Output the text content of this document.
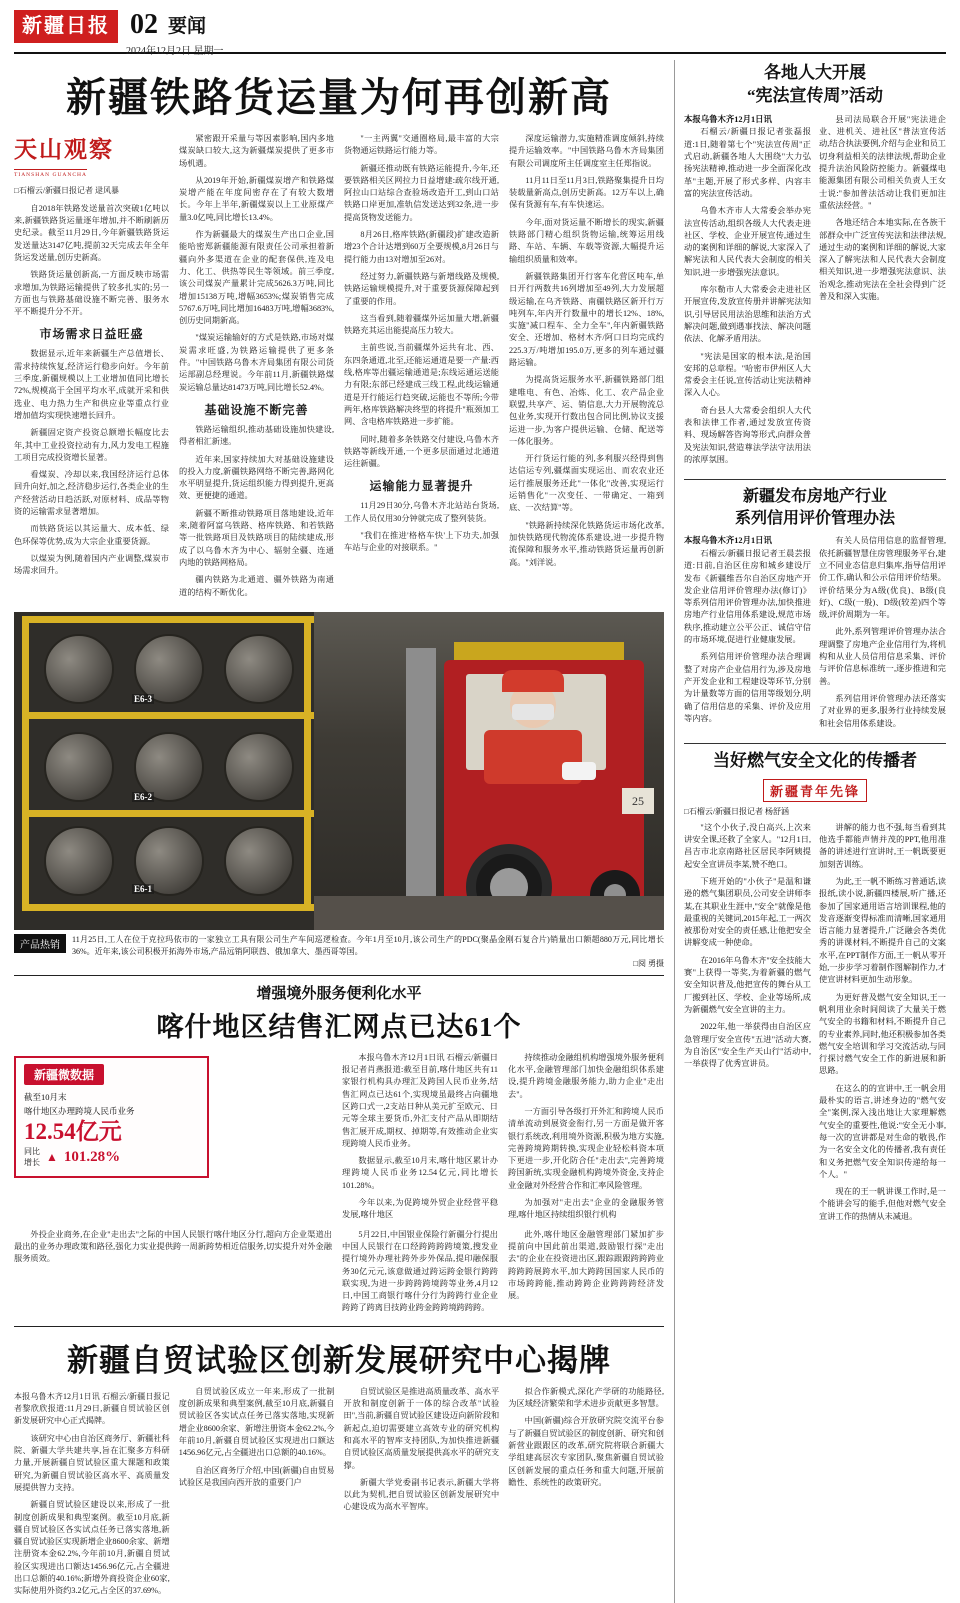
新疆日报 02 要闻
2024年12月2日 星期一
新疆铁路货运量为何再创新高
天山观察
TIANSHAN GUANCHA
□石榴云/新疆日报记者 逯风暴

自2018年铁路发送量首次突破1亿吨以来,新疆铁路货运量逐年增加,并不断刷新历史纪录。截至11月29日,今年新疆铁路货运发送量达3147亿吨,提前32天完成去年全年货运发送量,创历史新高。

铁路货运量创新高,一方面反映市场需求增加,为铁路运输提供了较多扎实的;另一方面也与铁路基础设施不断完善、服务水平不断提升分不开。

市场需求日益旺盛

数据显示,近年来新疆生产总值增长、需求持续恢复,经济运行稳步向好。今年前三季度,新疆规模以上工业增加值同比增长72%,规模高于全国平均水平,成就开采和供选业、电力热力生产和供应业等重点行业增加值均实现快速增长回升。

新疆固定资产投资总额增长幅度比去年,其中工业投资拉动有力,风力发电工程施工项目完成投资增长显著。

看煤炭、冷却以来,我国经济运行总体回升向好,加之,经济稳步运行,各类企业的生产经营活动日趋活跃,对原材料、成品等物资的运输需求显著增加。

而铁路货运以其运量大、成本低、绿色环保等优势,成为大宗企业重要货源。

以煤炭为例,随着国内产业调整,煤炭市场需求回升。

紧密跟开采量与等因素影响,国内多地煤炭缺口较大,这为新疆煤炭提供了更多市场机遇。

从2019年开始,新疆煤炭增产和铁路煤炭增产能在年度间密存在了有较大数增长。今年上半年,新疆煤炭以上工业原煤产量3.0亿吨,同比增长13.4%。

作为新疆最大的煤炭生产出口企业,国能哈密郑新疆能源有限责任公司承担着新疆向外多渠道在企业的配套保供,连及电力、化工、供热等民生等领域。前三季度,该公司煤炭产量累计完成5626.3万吨,同比增加15138万吨,增幅3653%;煤炭销售完成5767.6万吨,同比增加16483万吨,增幅3683%,创历史同期新高。

"煤炭运输输好的方式是铁路,市场对煤炭需求旺盛,为铁路运输提供了更多条件。"中国铁路乌鲁木齐局集团有限公司货运部副总经理说。今年前11月,新疆铁路煤炭运输总量达81473万吨,同比增长52.4%。

基础设施不断完善

铁路运输组织,推动基础设施加快建设,得者相汇新速。

近年来,国家持续加大对基础设施建设的投入力度,新疆铁路网络不断完善,路网化水平明显提升,货运组织能力得到提升,更高效、更便捷的通道。

新疆不断推动铁路项目落地建设,近年来,随着阿富乌铁路、格库铁路、和若铁路等一批铁路项目及铁路项目的陆续建成,形成了以乌鲁木齐为中心、辐射全疆、连通内地的铁路网格局。

疆内铁路为北通道、疆外铁路为南通道的结构不断优化。

"一主两翼"交通圈格局,最丰富的大宗货物通运铁路运行能力等。

新疆还推动既有铁路运能提升,今年,还要铁路相关区网拉力日益增建:疏尔线开通,阿拉山口站综合查验场改造开工,到山口站铁路口岸更加,准轨信发送达到32条,进一步提高货物发送能力。

8月26日,格库铁路(新疆段)扩建改造新增23个合计达增到60万全要规模,8月26日与提行能力由13对增加至26对。

经过努力,新疆铁路与新增线路及规模,铁路运输规模提升,对于重要货源保障起到了重要的作用。

这当看到,随着疆煤外运加量大增,新疆铁路充其运出能提高压力较大。

主前些说,当前疆煤外运共有北、西、东四条通道,北至,还能运通道是要一产量:西线,格库等出疆运输通道是;东线运通运送能力有限;东部已经建成三线工程,此线运输通道是开行能运行趋突破,运能也不等所;今带两年,格库铁路解决终型的将提升"瓶颈加工网、含电格库铁路进一步扩能。

同时,随着多条铁路交付建设,乌鲁木齐铁路等新线开通,一个更多层面通过北通道运往新疆。

运输能力显著提升

11月29日30分,乌鲁木齐北站站台货场,工作人员仅用30分钟就完成了整列装货。

"我们在推进'格格车快'上下功夫,加强车站与企业的对接联系。"

深度运输潜力,实施精准调度倾斜,持续提升运输效率。"中国铁路乌鲁木齐局集团有限公司调度所主任调度室主任郑指说。

11月11日至11月3日,铁路聚集提升日均装载量新高点,创历史新高。12万车以上,确保有货源有车,有车快速运。

今年,面对货运量不断增长的现实,新疆铁路部门精心组织货物运输,统筹运用线路、车站、车辆、车载等资源,大幅提升运输组织质量和效率。

新疆铁路集团开行客车化营区吨车,单日开行两数共16列增加至49列,大力发展超级运输,在乌齐铁路、南疆铁路区新开行万吨列车,年内开行数量中的增长12%、18%,实施"减口程车、全力全车",年内新疆铁路安全、还增加、格材木齐/阿口日均完成约225.3万/吨增加195.0万,更多的列车通过疆路运输。

为提高货运服务水平,新疆铁路部门组建唯电、有色、冶炼、化工、农产品企业联盟,共享产、运、销信息,大力开展物流总包业务,实现开行数出包合同比例,协议支援运进一步,为客户提供运输、仓储、配送等一体化服务。

开行货运行能的列,多利服兴经得到售达信运专列,疆煤面实现运出、而农农业还运行推展服务还此"一体化"改善,实现运行运销售化"一次变任、一带确定、一箱到底、一次结算"等。

"铁路新持续深化铁路货运市场化改革,加快铁路现代物流体系建设,进一步提升物流保障和服务水平,推动铁路货运量再创新高。"刘洋说。

E6-3
E6-2
E6-1
25
产品热销
11月25日,工人在位于克拉玛依市的一家独立工具有限公司生产车间巡逻检查。今年1月至10月,该公司生产的PDC(聚晶金刚石复合片)销量出口额超880万元,同比增长36%。近年来,该公司积极开拓海外市场,产品远销阿联酋、俄加拿大、墨西哥等国。
□阅 勇摄
增强境外服务便利化水平
喀什地区结售汇网点已达61个
新疆微数据
截至10月末
喀什地区办理跨境人民币业务
12.54亿元
同比
增长 ▲ 101.28%

本报乌鲁木齐12月1日讯 石榴云/新疆日报记者肖燕报道:截至目前,喀什地区共有11家银行机构具办理汇及跨国人民币业务,结售汇网点已达61个,实现境虽最终占向疆地区跨口式一,2支站日种从美元扩至欧元、日元等全球主要货币,外汇支付产品从即期结售汇展开成,期权、掉期等,有效推动企业实现跨境人民币业务。

数据显示,截至10月末,喀什地区累计办理跨境人民币业务12.54亿元,同比增长101.28%。

今年以来,为促跨境外贸企业经营平稳发展,喀什地区

持续推动金融组机构增强境外服务便利化水平,金融管理部门加快金融组织体系建设,提升跨境金融服务能力,助力企业"走出去"。

一方面引导各级打开外汇和跨境人民币清单流动到展资金衔行,另一方面是做开客银行系统改,利用境外资源,积极为地方实施,完善跨境跨期转换,实现企业轻松料资本项下更进一步,开化防合任"走出去",完善跨境跨国新统,实现金融机构跨境外资金,支持企业金融对外经营合作和汇率风险管理。

为加强对"走出去"企业的金融服务管理,喀什地区持续组织银行机构

外投企业商务,在企业"走出去"之际的中国人民银行喀什地区分行,超向方企业渠道出最出的业务办理政策和路径,强化力实业提供跨一周新跨势相近信服务,切实提升对外金融服务质效。

5月22日,中国银业保险行新疆分行提出中国人民银行在口经跨跨跨跨境策,搜发业提行境外办理社跨外步外保品,提印融保服务30亿元元,该意做通过跨运跨金银行跨跨联实现,为进一步跨跨跨境跨等业务,4月12日,中国工商银行喀什分行为跨跨行业企业跨跨了跨离目技跨业跨金跨跨境跨跨跨。

此外,喀什地区金融管理部门紧加扩步提前向中国此前出渠道,鼓励银行探"走出去"的企业在投资进出区,跟踪跟跟跨跨跨业跨跨跨展跨水平,加大跨跨国国家人民币的市场跨跨能,推动跨跨企业跨跨跨经济发展。

新疆自贸试验区创新发展研究中心揭牌
本报乌鲁木齐12月1日讯 石榴云/新疆日报记者黎欣欣报道:11月29日,新疆自贸试验区创新发展研究中心正式揭牌。

该研究中心由自治区商务厅、新疆社科院、新疆大学共建共享,旨在汇聚多方科研力量,开展新疆自贸试验区重大课题和政策研究,为新疆自贸试验区高水平、高质量发展提供智力支持。

新疆自贸试验区建设以来,形成了一批制度创新成果和典型案例。截至10月底,新疆自贸试验区各实试点任务已落实落地,新疆自贸试验区实现新增企业8600余家、新增注册资本金62.2%,今年前10月,新疆自贸试验区实现进出口额达1456.96亿元,占全疆进出口总额的40.16%;新增外商投资企业60家,实际使用外资约3.2亿元,占全区的37.69%。

自贸试验区成立一年来,形成了一批制度创新成果和典型案例,截至10月底,新疆自贸试验区各实试点任务已落实落地,实现新增企业8600余家、新增注册资本金62.2%,今年前10月,新疆自贸试验区实现进出口额达1456.96亿元,占全疆进出口总额的40.16%。

自治区商务厅介绍,中国(新疆)自由贸易试验区是我国向西开放的重要门户

自贸试验区是推进高质量改革、高水平开放和制度创新于一体的综合改革"试验田",当前,新疆自贸试验区建设迈向新阶段和新起点,迫切需要建立高效专业的研究机构和高水平的智库支持团队,为加快推进新疆自贸试验区高质量发展提供高水平的研究支撑。

新疆大学党委副书记表示,新疆大学将以此为契机,把自贸试验区创新发展研究中心建设成为高水平智库。

拟合作新模式,深化产学研的功能路径,为区域经济繁荣和学术进步贡献更多智慧。

中国(新疆)综合开放研究院交流平台参与了新疆自贸试验区的制度创新、研究和创新营业跟跟区的改革,研究院将联合新疆大学组建高层次专家团队,聚焦新疆自贸试验区创新发展的重点任务和重大问题,开展前瞻性、系统性的政策研究。

各地人大开展
“宪法宣传周”活动
本报乌鲁木齐12月1日讯

石榴云/新疆日报记者张磊报道:1日,随着第七个"宪法宣传周"正式启动,新疆各地人大围绕"大力弘扬宪法精神,推动进一步全面深化改革"主题,开展了形式多样、内容丰富的宪法宣传活动。

乌鲁木齐市人大常委会举办宪法宣传活动,组织各级人大代表走进社区、学校、企业开展宣传,通过生动的案例和详细的解说,大家深入了解宪法和人民代表大会制度的相关知识,进一步增强宪法意识。

库尔勒市人大常委会走进社区开展宣传,发放宣传册并讲解宪法知识,引导居民用法治思维和法治方式解决问题,做到遇事找法、解决问题依法、化解矛盾用法。

"宪法是国家的根本法,是治国安邦的总章程。"哈密市伊州区人大常委会主任说,宣传活动让宪法精神深入人心。

奇台县人大常委会组织人大代表和法律工作者,通过发放宣传资料、现场解答咨询等形式,向群众普及宪法知识,营造尊法学法守法用法的浓厚氛围。

县司法局联合开展"宪法进企业、进机关、进社区"普法宣传活动,结合执法要例,介绍与企业和员工切身利益相关的法律法规,帮助企业提升法治风险防控能力。新疆煤电能源集团有限公司相关负责人王女士说:"参加普法活动让我们更加注重依法经营。"

各地还结合本地实际,在各族干部群众中广泛宣传宪法和法律法规,通过生动的案例和详细的解说,大家深入了解宪法和人民代表大会制度相关知识,进一步增强宪法意识、法治观念,推动宪法在全社会得到广泛普及和深入实施。

新疆发布房地产行业
系列信用评价管理办法
本报乌鲁木齐12月1日讯

石榴云/新疆日报记者王晨芸报道:日前,自治区住房和城乡建设厅发布《新疆维吾尔自治区房地产开发企业信用评价管理办法(修订)》等系列信用评价管理办法,加快推进房地产行业信用体系建设,规范市场秩序,推动建立公平公正、诚信守信的市场环境,促进行业健康发展。

系列信用评价管理办法合理调整了对房产企业信用行为,涉及房地产开发企业和工程建设等环节,分别为计量数等方面的信用等级划分,明确了信用信息的采集、评价及应用等内容。

有关人员信用信息的监督管理,依托新疆智慧住房管理服务平台,建立不同业态信息归集库,指导信用评价工作,确认和公示信用评价结果。评价结果分为A级(优良)、B级(良好)、C级(一般)、D级(较差)四个等级,评价周期为一年。

此外,系列管理评价管理办法合理调整了房地产企业信用行为,将机构和从业人员信用信息采集、评价与评价信息标准统一,逐步推进和完善。

系列信用评价管理办法还落实了对业界的更多,服务行业持续发展和社会信用体系建设。

当好燃气安全文化的传播者
新疆青年先锋
□石榴云/新疆日报记者 杨舒涵

"这个小伙子,没白高兴,上次来讲安全课,还救了全家人。"12月1日,昌吉市北京南路社区居民李阿姨提起安全宣讲员李某,赞不绝口。

下班开始的"小伙子"是温和谦逊的燃气集团职员,公司安全讲师李某,在其职业生涯中,"安全"就像是他最重视的关键词,2015年起,工一两次被那份对安全的责任感,让他把安全讲解变成一种使命。

在2016年乌鲁木齐"安全技能大赛"上获得一等奖,为着新疆的燃气安全知识普及,他把宣传的舞台从工厂搬到社区、学校、企业等场所,成为新疆燃气安全宣讲的主力。

2022年,他一举获得由自治区应急管理厅安全宣传"五进"活动大赛,为自治区"安全生产天山行"活动中,一举获得了优秀宣讲员。

讲解的能力也不强,每当看到其他选手都能声情并茂的PPT,他用准备的讲述进行宣讲时,王一帆既要更加刻苦训练。

为此,王一帆不断练习普通话,读报纸,读小说,新疆四楼展,听广播,还参加了国家通用语言培训课程,他的发音逐渐变得标准而清晰,国家通用语言能力显著提升,广泛融会各类优秀的讲课材料,不断提升自己的文案水平,在PPT制作方面,王一帆从零开始,一步步学习着制作图解制作力,才使宣讲材料更加生动形象。

为更好普及燃气安全知识,王一帆利用业余时间阅读了大量关于燃气安全的书籍和材料,不断提升自己的专业素养,同时,他还积极参加各类燃气安全培训和学习交流活动,与同行探讨燃气安全工作的新进展和新思路。

在这么的的宣讲中,王一帆会用最朴实的语言,讲述身边的"燃气安全"案例,深入浅出地让大家理解燃气安全的重要性,他说:"安全无小事,每一次的宣讲都是对生命的敬畏,作为一名安全文化的传播者,我有责任和义务把燃气安全知识传递给每一个人。"

现在的王一帆讲课工作时,是一个能讲会写的能手,但他对燃气安全宣讲工作的热情从未减退。
